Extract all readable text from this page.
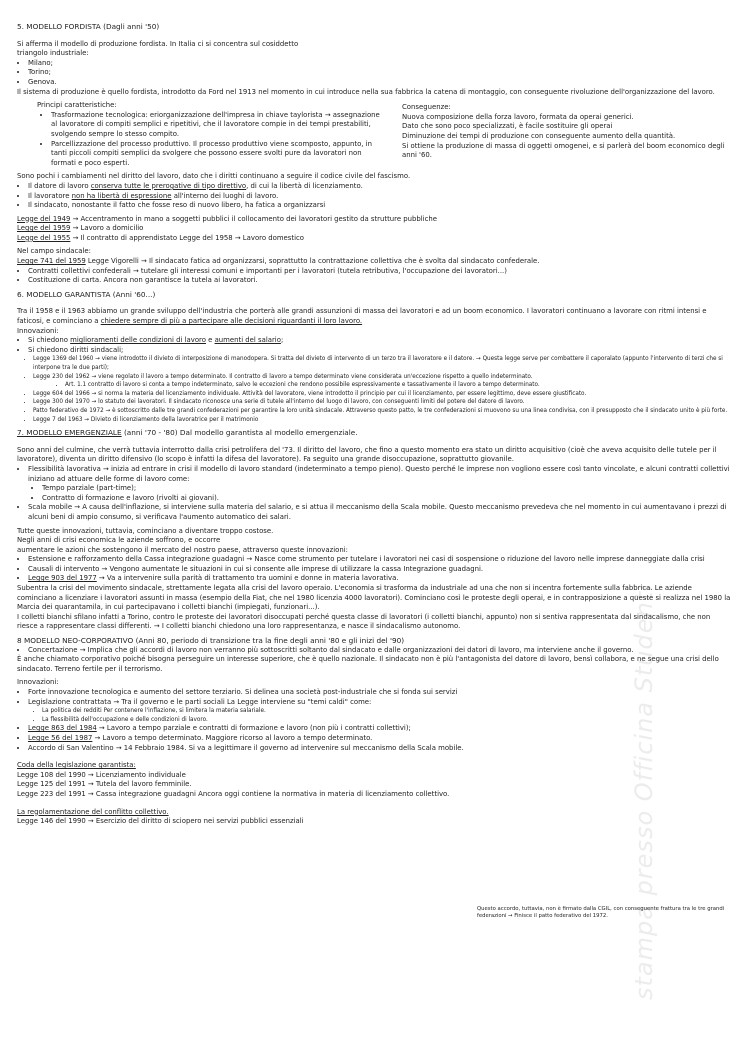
stampa presso Officina Studenti

5. MODELLO FORDISTA (Dagli anni '50)

Si afferma il modello di produzione fordista. In Italia ci si concentra sul cosiddetto

triangolo industriale:

• Milano;
• Torino;
• Genova.

Il sistema di produzione è quello fordista, introdotto da Ford nel 1913 nel momento in cui introduce nella sua fabbrica la catena di montaggio, con conseguente rivoluzione dell'organizzazione del lavoro.

Principi caratteristiche:

• Trasformazione tecnologica: eriorganizzazione dell'impresa in chiave taylorista → assegnazione al lavoratore di compiti semplici e ripetitivi, che il lavoratore compie in dei tempi prestabiliti, svolgendo sempre lo stesso compito.
• Parcellizzazione del processo produttivo. Il processo produttivo viene scomposto, appunto, in tanti piccoli compiti semplici da svolgere che possono essere svolti pure da lavoratori non formati e poco esperti.

Conseguenze:

Nuova composizione della forza lavoro, formata da operai generici.

Dato che sono poco specializzati, è facile sostituire gli operai

Diminuzione dei tempi di produzione con conseguente aumento della quantità.

Si ottiene la produzione di massa di oggetti omogenei, e si parlerà del boom economico degli anni '60.

Sono pochi i cambiamenti nel diritto del lavoro, dato che i diritti continuano a seguire il codice civile del fascismo.

• Il datore di lavoro conserva tutte le prerogative di tipo direttivo, di cui la libertà di licenziamento.
• Il lavoratore non ha libertà di espressione all'interno dei luoghi di lavoro.
• Il sindacato, nonostante il fatto che fosse reso di nuovo libero, ha fatica a organizzarsi

Legge del 1949 → Accentramento in mano a soggetti pubblici il collocamento dei lavoratori gestito da strutture pubbliche

Legge del 1959 → Lavoro a domicilio

Legge del 1955 → Il contratto di apprendistato Legge del 1958 → Lavoro domestico

Nel campo sindacale:

Legge 741 del 1959 Legge Vigorelli → Il sindacato fatica ad organizzarsi, soprattutto la contrattazione collettiva che è svolta dal sindacato confederale.

• Contratti collettivi confederali → tutelare gli interessi comuni e importanti per i lavoratori (tutela retributiva, l'occupazione dei lavoratori...)
• Costituzione di carta. Ancora non garantisce la tutela ai lavoratori.

6. MODELLO GARANTISTA (Anni '60...)

Tra il 1958 e il 1963 abbiamo un grande sviluppo dell'industria che porterà alle grandi assunzioni di massa dei lavoratori e ad un boom economico. I lavoratori continuano a lavorare con ritmi intensi e faticosi, e cominciano a chiedere sempre di più a partecipare alle decisioni riguardanti il loro lavoro.

Innovazioni:

• Si chiedono miglioramenti delle condizioni di lavoro e aumenti del salario;
• Si chiedono diritti sindacali;
• Legge 1369 del 1960 → viene introdotto il divieto di interposizione di manodopera. Si tratta del divieto di intervento di un terzo tra il lavoratore e il datore. → Questa legge serve per combattere il caporalato (appunto l'intervento di terzi che si interpone tra le due parti);
• Legge 230 del 1962 → viene regolato il lavoro a tempo determinato. Il contratto di lavoro a tempo determinato viene considerata un'eccezione rispetto a quello indeterminato.
• Art. 1.1 contratto di lavoro si conta a tempo indeterminato, salvo le eccezioni che rendono possibile espressivamente e tassativamente il lavoro a tempo determinato.
• Legge 604 del 1966 → si norma la materia del licenziamento individuale. Attività del lavoratore, viene introdotto il principio per cui il licenziamento, per essere legittimo, deve essere giustificato.
• Legge 300 del 1970 → lo statuto dei lavoratori. Il sindacato riconosce una serie di tutele all'interno del luogo di lavoro, con conseguenti limiti del potere del datore di lavoro.
• Patto federativo de 1972 → è sottoscritto dalle tre grandi confederazioni per garantire la loro unità sindacale. Attraverso questo patto, le tre confederazioni si muovono su una linea condivisa, con il presupposto che il sindacato unito è più forte.
• Legge 7 del 1963 → Divieto di licenziamento della lavoratrice per il matrimonio

7. MODELLO EMERGENZIALE (anni '70 - '80) Dal modello garantista al modello emergenziale.

Sono anni del culmine, che verrà tuttavia interrotto dalla crisi petrolifera del '73. Il diritto del lavoro, che fino a questo momento era stato un diritto acquisitivo (cioè che aveva acquisito delle tutele per il lavoratore), diventa un diritto difensivo (lo scopo è infatti la difesa del lavoratore). Fa seguito una grande disoccupazione, soprattutto giovanile.

• Flessibilità lavorativa → inizia ad entrare in crisi il modello di lavoro standard (indeterminato a tempo pieno). Questo perché le imprese non vogliono essere così tanto vincolate, e alcuni contratti collettivi iniziano ad attuare delle forme di lavoro come:
• Tempo parziale (part-time);
• Contratto di formazione e lavoro (rivolti ai giovani).
• Scala mobile → A causa dell'inflazione, si interviene sulla materia del salario, e si attua il meccanismo della Scala mobile. Questo meccanismo prevedeva che nel momento in cui aumentavano i prezzi di alcuni beni di ampio consumo, si verificava l'aumento automatico dei salari.

Tutte queste innovazioni, tuttavia, cominciano a diventare troppo costose.

Negli anni di crisi economica le aziende soffrono, e occorre

aumentare le azioni che sostengono il mercato del nostro paese, attraverso queste innovazioni:

• Estensione e rafforzamento della Cassa integrazione guadagni → Nasce come strumento per tutelare i lavoratori nei casi di sospensione o riduzione del lavoro nelle imprese danneggiate dalla crisi
• Causali di intervento → Vengono aumentate le situazioni in cui si consente alle imprese di utilizzare la cassa Integrazione guadagni.
• Legge 903 del 1977 → Va a intervenire sulla parità di trattamento tra uomini e donne in materia lavorativa.

Subentra la crisi del movimento sindacale, strettamente legata alla crisi del lavoro operaio. L'economia si trasforma da industriale ad una che non si incentra fortemente sulla fabbrica. Le aziende cominciano a licenziare i lavoratori assunti in massa (esempio della Fiat, che nel 1980 licenzia 4000 lavoratori). Cominciano così le proteste degli operai, e in contrapposizione a queste si realizza nel 1980 la Marcia dei quarantamila, in cui partecipavano i colletti bianchi (impiegati, funzionari...).

I colletti bianchi sfilano infatti a Torino, contro le proteste dei lavoratori disoccupati perché questa classe di lavoratori (i colletti bianchi, appunto) non si sentiva rappresentata dal sindacalismo, che non riesce a rappresentare classi differenti. → I colletti bianchi chiedono una loro rappresentanza, e nasce il sindacalismo autonomo.

8 MODELLO NEO-CORPORATIVO (Anni 80, periodo di transizione tra la fine degli anni '80 e gli inizi del '90)

• Concertazione → Implica che gli accordi di lavoro non verranno più sottoscritti soltanto dal sindacato e dalle organizzazioni dei datori di lavoro, ma interviene anche il governo.

È anche chiamato corporativo poiché bisogna perseguire un interesse superiore, che è quello nazionale. Il sindacato non è più l'antagonista del datore di lavoro, bensì collabora, e ne segue una crisi dello sindacato. Terreno fertile per il terrorismo.

Innovazioni:

• Forte innovazione tecnologica e aumento del settore terziario. Si delinea una società post-industriale che si fonda sui servizi
• Legislazione contrattata → Tra il governo e le parti sociali La Legge interviene su "temi caldi" come:
• La politica dei redditi Per contenere l'inflazione, si limitera la materia salariale.
• La flessibilità dell'occupazione e delle condizioni di lavoro.
• Legge 863 del 1984 → Lavoro a tempo parziale e contratti di formazione e lavoro (non più i contratti collettivi);
• Legge 56 del 1987 → Lavoro a tempo determinato. Maggiore ricorso al lavoro a tempo determinato.
• Accordo di San Valentino → 14 Febbraio 1984. Si va a legittimare il governo ad intervenire sul meccanismo della Scala mobile.

Coda della legislazione garantista:

Legge 108 del 1990 → Licenziamento individuale

Legge 125 del 1991 → Tutela del lavoro femminile.

Legge 223 del 1991 → Cassa integrazione guadagni Ancora oggi contiene la normativa in materia di licenziamento collettivo.

La regolamentazione del conflitto collettivo.

Legge 146 del 1990 → Esercizio del diritto di sciopero nei servizi pubblici essenziali

Questo accordo, tuttavia, non è firmato dalla CGIL, con conseguente frattura tra le tre grandi federazioni → Finisce il patto federativo del 1972.
